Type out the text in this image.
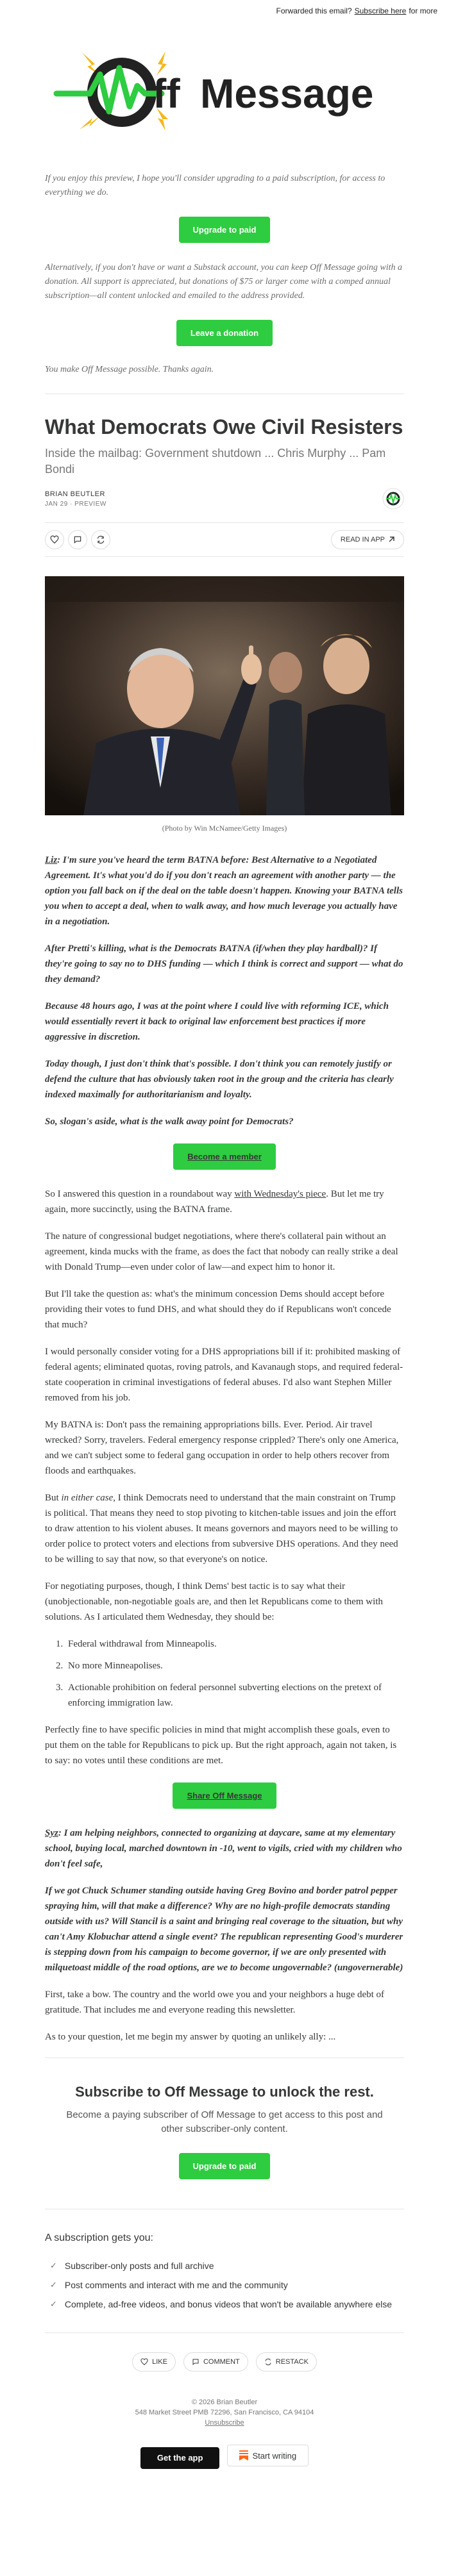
Forwarded this email? Subscribe here for more
ff Message

If you enjoy this preview, I hope you'll consider upgrading to a paid subscription, for access to everything we do.

Upgrade to paid

Alternatively, if you don't have or want a Substack account, you can keep Off Message going with a donation. All support is appreciated, but donations of $75 or larger come with a comped annual subscription—all content unlocked and emailed to the address provided.

Leave a donation

You make Off Message possible. Thanks again.

What Democrats Owe Civil Resisters

Inside the mailbag: Government shutdown ... Chris Murphy ... Pam Bondi

BRIAN BEUTLER
JAN 29 · PREVIEW
READ IN APP

(Photo by Win McNamee/Getty Images)

Liz: I'm sure you've heard the term BATNA before: Best Alternative to a Negotiated Agreement. It's what you'd do if you don't reach an agreement with another party — the option you fall back on if the deal on the table doesn't happen. Knowing your BATNA tells you when to accept a deal, when to walk away, and how much leverage you actually have in a negotiation.

After Pretti's killing, what is the Democrats BATNA (if/when they play hardball)? If they're going to say no to DHS funding — which I think is correct and support — what do they demand?

Because 48 hours ago, I was at the point where I could live with reforming ICE, which would essentially revert it back to original law enforcement best practices if more aggressive in discretion.

Today though, I just don't think that's possible. I don't think you can remotely justify or defend the culture that has obviously taken root in the group and the criteria has clearly indexed maximally for authoritarianism and loyalty.

So, slogan's aside, what is the walk away point for Democrats?

Become a member

So I answered this question in a roundabout way with Wednesday's piece. But let me try again, more succinctly, using the BATNA frame.

The nature of congressional budget negotiations, where there's collateral pain without an agreement, kinda mucks with the frame, as does the fact that nobody can really strike a deal with Donald Trump—even under color of law—and expect him to honor it.

But I'll take the question as: what's the minimum concession Dems should accept before providing their votes to fund DHS, and what should they do if Republicans won't concede that much?

I would personally consider voting for a DHS appropriations bill if it: prohibited masking of federal agents; eliminated quotas, roving patrols, and Kavanaugh stops, and required federal-state cooperation in criminal investigations of federal abuses. I'd also want Stephen Miller removed from his job.

My BATNA is: Don't pass the remaining appropriations bills. Ever. Period. Air travel wrecked? Sorry, travelers. Federal emergency response crippled? There's only one America, and we can't subject some to federal gang occupation in order to help others recover from floods and earthquakes.

But in either case, I think Democrats need to understand that the main constraint on Trump is political. That means they need to stop pivoting to kitchen-table issues and join the effort to draw attention to his violent abuses. It means governors and mayors need to be willing to order police to protect voters and elections from subversive DHS operations. And they need to be willing to say that now, so that everyone's on notice.

For negotiating purposes, though, I think Dems' best tactic is to say what their (unobjectionable, non-negotiable goals are, and then let Republicans come to them with solutions. As I articulated them Wednesday, they should be:

1. Federal withdrawal from Minneapolis.
2. No more Minneapolises.
3. Actionable prohibition on federal personnel subverting elections on the pretext of enforcing immigration law.

Perfectly fine to have specific policies in mind that might accomplish these goals, even to put them on the table for Republicans to pick up. But the right approach, again not taken, is to say: no votes until these conditions are met.

Share Off Message

Syz: I am helping neighbors, connected to organizing at daycare, same at my elementary school, buying local, marched downtown in -10, went to vigils, cried with my children who don't feel safe,

If we got Chuck Schumer standing outside having Greg Bovino and border patrol pepper spraying him, will that make a difference? Why are no high-profile democrats standing outside with us? Will Stancil is a saint and bringing real coverage to the situation, but why can't Amy Klobuchar attend a single event? The republican representing Good's murderer is stepping down from his campaign to become governor, if we are only presented with milquetoast middle of the road options, are we to become ungovernable? (ungovernerable)

First, take a bow. The country and the world owe you and your neighbors a huge debt of gratitude. That includes me and everyone reading this newsletter.

As to your question, let me begin my answer by quoting an unlikely ally: ...

Subscribe to Off Message to unlock the rest.

Become a paying subscriber of Off Message to get access to this post and other subscriber-only content.

Upgrade to paid
A subscription gets you:
✓ Subscriber-only posts and full archive
✓ Post comments and interact with me and the community
✓ Complete, ad-free videos, and bonus videos that won't be available anywhere else
LIKE
	COMMENT
	RESTACK
© 2026 Brian Beutler
548 Market Street PMB 72296, San Francisco, CA 94104
Unsubscribe
Get the app	Start writing
